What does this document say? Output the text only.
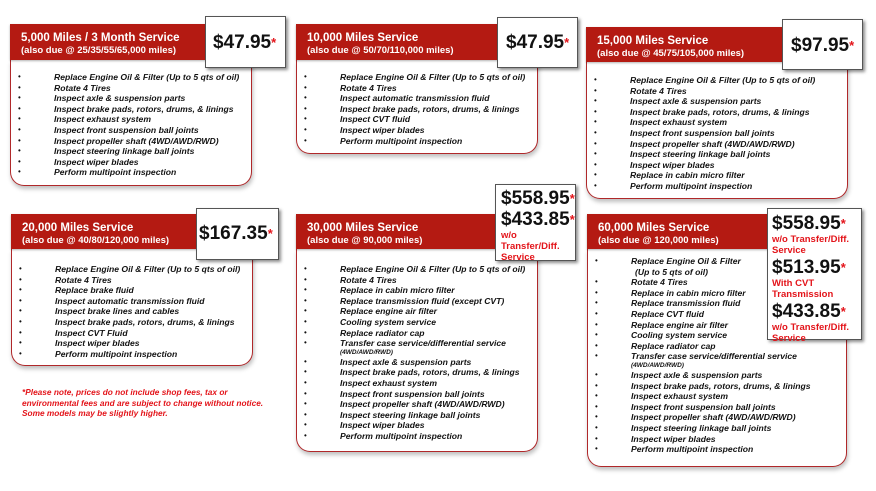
5,000 Miles / 3 Month Service
(also due @ 25/35/55/65,000 miles)
•	Replace Engine Oil & Filter (Up to 5 qts of oil)
•	Rotate 4 Tires
•	Inspect axle & suspension parts
•	Inspect brake pads, rotors, drums, & linings
•	Inspect exhaust system
•	Inspect front suspension ball joints
•	Inspect propeller shaft (4WD/AWD/RWD)
•	Inspect steering linkage ball joints
•	Inspect wiper blades
•	Perform multipoint inspection
$47.95*	10,000 Miles Service
(also due @ 50/70/110,000 miles)
•	Replace Engine Oil & Filter (Up to 5 qts of oil)
•	Rotate 4 Tires
•	Inspect automatic transmission fluid
•	Inspect brake pads, rotors, drums, & linings
•	Inspect CVT fluid
•	Inspect wiper blades
•	Perform multipoint inspection
$47.95*	15,000 Miles Service
(also due @ 45/75/105,000 miles)
•	Replace Engine Oil & Filter (Up to 5 qts of oil)
•	Rotate 4 Tires
•	Inspect axle & suspension parts
•	Inspect brake pads, rotors, drums, & linings
•	Inspect exhaust system
•	Inspect front suspension ball joints
•	Inspect propeller shaft (4WD/AWD/RWD)
•	Inspect steering linkage ball joints
•	Inspect wiper blades
•	Replace in cabin micro filter
•	Perform multipoint inspection
$97.95*
20,000 Miles Service
(also due @ 40/80/120,000 miles)
•	Replace Engine Oil & Filter (Up to 5 qts of oil)
•	Rotate 4 Tires
•	Replace brake fluid
•	Inspect automatic transmission fluid
•	Inspect brake lines and cables
•	Inspect brake pads, rotors, drums, & linings
•	Inspect CVT Fluid
•	Inspect wiper blades
•	Perform multipoint inspection
$167.35*
*Please note, prices do not include shop fees, tax or environmental fees and are subject to change without notice. Some models may be slightly higher.
30,000 Miles Service
(also due @ 90,000 miles)
•	Replace Engine Oil & Filter (Up to 5 qts of oil)
•	Rotate 4 Tires
•	Replace in cabin micro filter
•	Replace transmission fluid (except CVT)
•	Replace engine air filter
•	Cooling system service
•	Replace radiator cap
•	Transfer case service/differential service
(4WD/AWD/RWD)
•	Inspect axle & suspension parts
•	Inspect brake pads, rotors, drums, & linings
•	Inspect exhaust system
•	Inspect front suspension ball joints
•	Inspect propeller shaft (4WD/AWD/RWD)
•	Inspect steering linkage ball joints
•	Inspect wiper blades
•	Perform multipoint inspection
$558.95*
$433.85*
w/o Transfer/Diff. Service
60,000 Miles Service
(also due @ 120,000 miles)
•	Replace Engine Oil & Filter
(Up to 5 qts of oil)
•	Rotate 4 Tires
•	Replace in cabin micro filter
•	Replace transmission fluid
•	Replace CVT fluid
•	Replace engine air filter
•	Cooling system service
•	Replace radiator cap
•	Transfer case service/differential service
(4WD/AWD/RWD)
•	Inspect axle & suspension parts
•	Inspect brake pads, rotors, drums, & linings
•	Inspect exhaust system
•	Inspect front suspension ball joints
•	Inspect propeller shaft (4WD/AWD/RWD)
•	Inspect steering linkage ball joints
•	Inspect wiper blades
•	Perform multipoint inspection
$558.95*
w/o Transfer/Diff. Service
$513.95*
With CVT Transmission
$433.85*
w/o Transfer/Diff. Service
